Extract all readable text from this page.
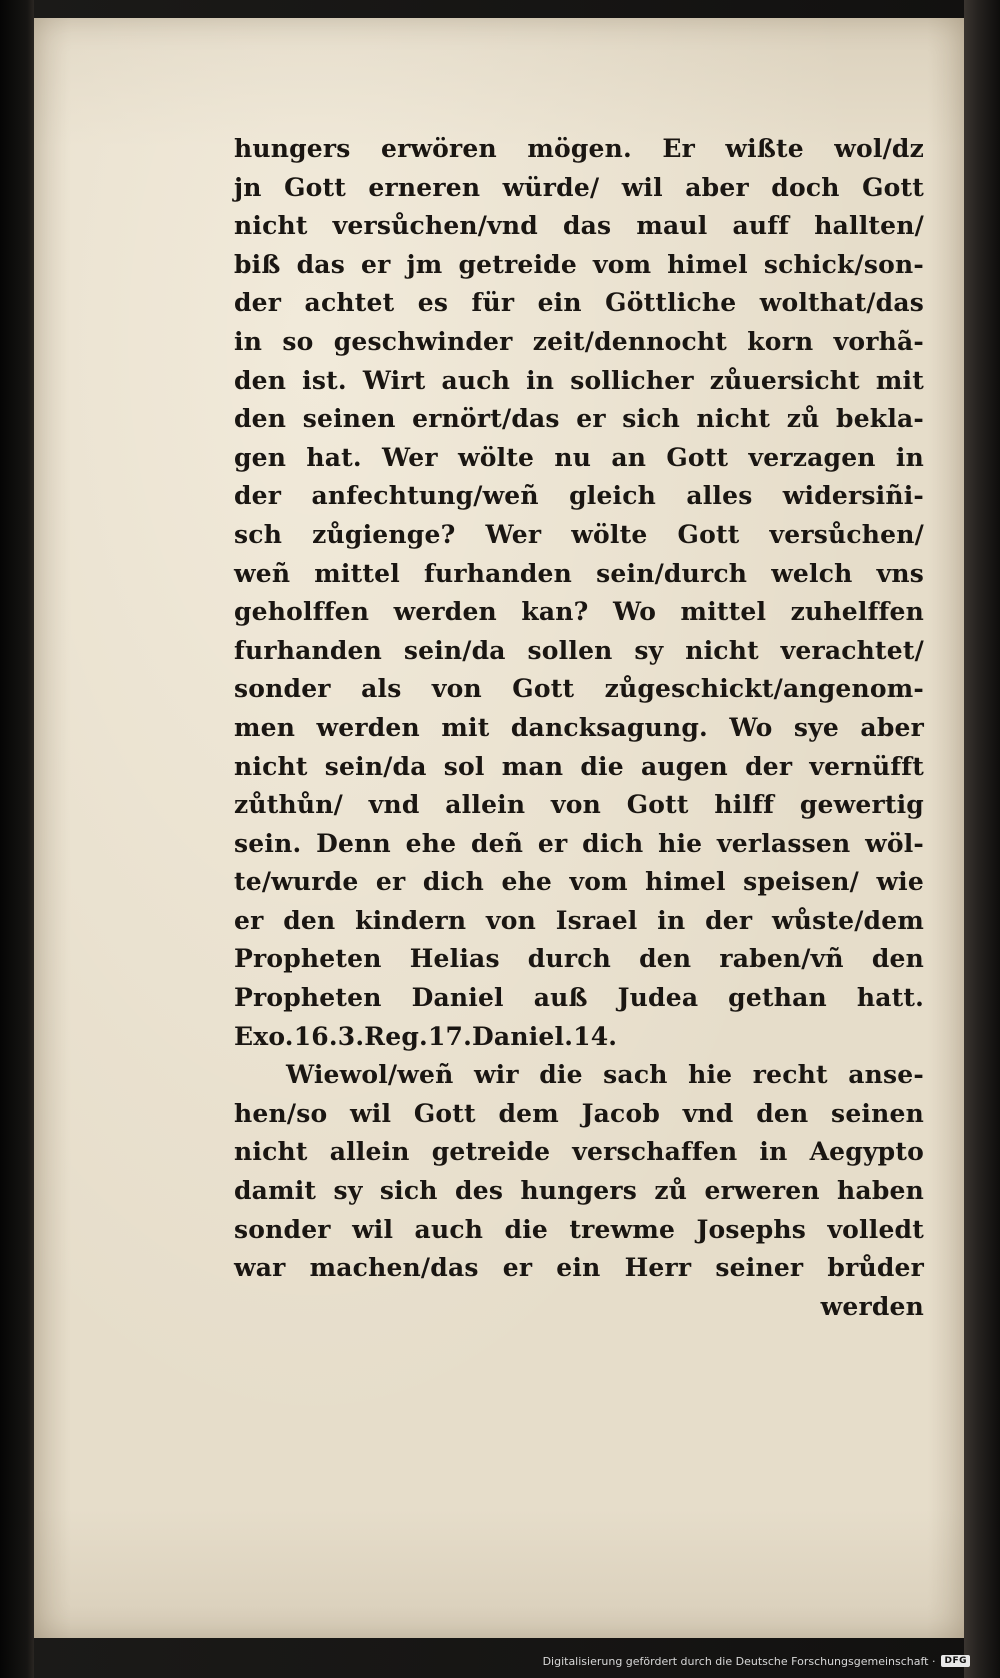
hungers erwören mögen. Er wißte wol/dz
jn Gott erneren würde/ wil aber doch Gott
nicht versůchen/vnd das maul auff hallten/
biß das er jm getreide vom himel schick/son-
der achtet es für ein Göttliche wolthat/das
in so geschwinder zeit/dennocht korn vorhã-
den ist. Wirt auch in sollicher zůuersicht mit
den seinen ernört/das er sich nicht zů bekla-
gen hat. Wer wölte nu an Gott verzagen in
der anfechtung/weñ gleich alles widersiñi-
sch zůgienge? Wer wölte Gott versůchen/
weñ mittel furhanden sein/durch welch vns
geholffen werden kan? Wo mittel zuhelffen
furhanden sein/da sollen sy nicht verachtet/
sonder als von Gott zůgeschickt/angenom-
men werden mit dancksagung. Wo sye aber
nicht sein/da sol man die augen der vernüfft
zůthůn/ vnd allein von Gott hilff gewertig
sein. Denn ehe deñ er dich hie verlassen wöl-
te/wurde er dich ehe vom himel speisen/ wie
er den kindern von Israel in der wůste/dem
Propheten Helias durch den raben/vñ den
Propheten Daniel auß Judea gethan hatt.
Exo.16.3.Reg.17.Daniel.14.
Wiewol/weñ wir die sach hie recht anse-
hen/so wil Gott dem Jacob vnd den seinen
nicht allein getreide verschaffen in Aegypto
damit sy sich des hungers zů erweren haben
sonder wil auch die trewme Josephs volledt
war machen/das er ein Herr seiner brůder
werden
Digitalisierung gefördert durch die Deutsche Forschungsgemeinschaft ·	DFG
